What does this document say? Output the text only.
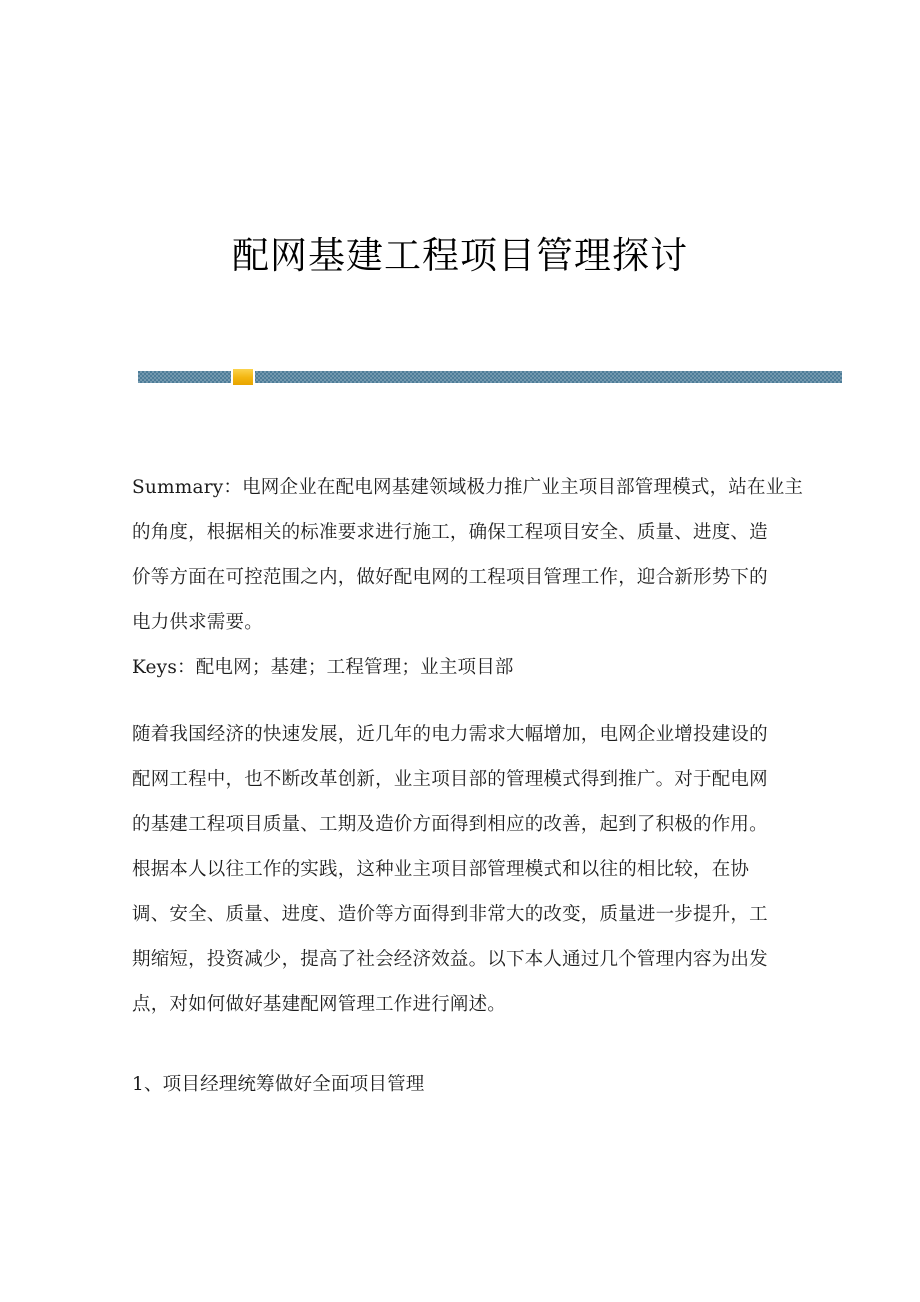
配网基建工程项目管理探讨
Summary：电网企业在配电网基建领域极力推广业主项目部管理模式，站在业主
的角度，根据相关的标准要求进行施工，确保工程项目安全、质量、进度、造
价等方面在可控范围之内，做好配电网的工程项目管理工作，迎合新形势下的
电力供求需要。
Keys：配电网；基建；工程管理；业主项目部
随着我国经济的快速发展，近几年的电力需求大幅增加，电网企业增投建设的
配网工程中，也不断改革创新，业主项目部的管理模式得到推广。对于配电网
的基建工程项目质量、工期及造价方面得到相应的改善，起到了积极的作用。
根据本人以往工作的实践，这种业主项目部管理模式和以往的相比较，在协
调、安全、质量、进度、造价等方面得到非常大的改变，质量进一步提升，工
期缩短，投资减少，提高了社会经济效益。以下本人通过几个管理内容为出发
点，对如何做好基建配网管理工作进行阐述。
1、项目经理统筹做好全面项目管理
